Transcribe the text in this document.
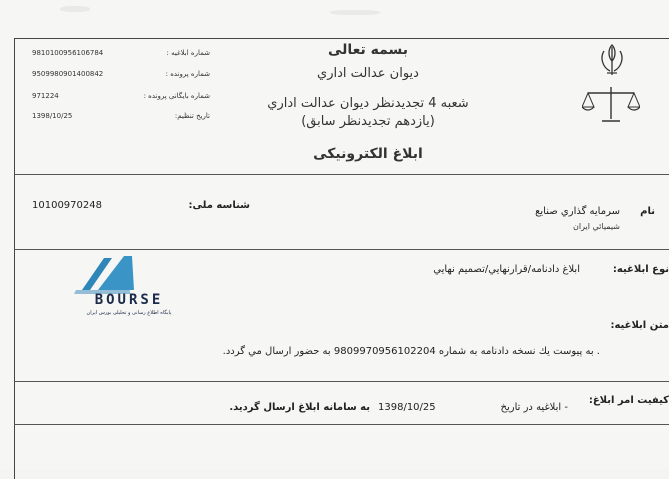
بسمه تعالی
دیوان عدالت اداري
شعبه 4 تجديدنظر ديوان عدالت اداري
(يازدهم تجديدنظر سابق)
ابلاغ الکترونیکی
9810100956106784	شماره ابلاغیه :
9509980901400842	شماره پرونده :
971224	شماره بایگانی پرونده :
1398/10/25	تاريخ تنظيم:
10100970248	شناسه ملی:
سرمايه گذاري صنايع
شيميائي ايران
نام
ابلاغ دادنامه/قرارنهايي/تصميم نهايي	نوع ابلاغیه:
BOURSE
پایگاه اطلاع رسانی و تحلیلی بورس ایران
متن ابلاغیه:
. به پيوست يك نسخه دادنامه به شماره 9809970956102204 به حضور ارسال مي گردد.
کیفیت امر ابلاغ:
- ابلاغیه در تاریخ
1398/10/25
به سامانه ابلاغ ارسال گرديد.
